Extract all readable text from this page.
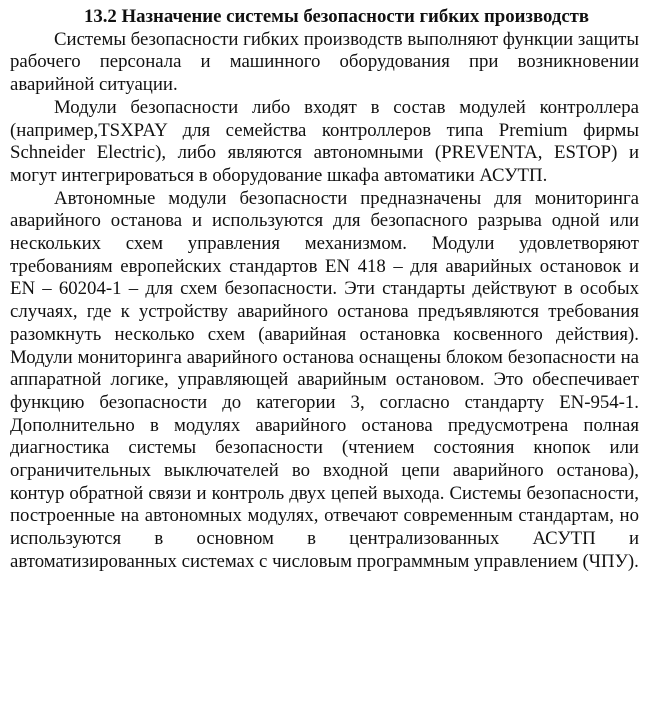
13.2 Назначение системы безопасности гибких производств

Системы безопасности гибких производств выполняют функции защиты рабочего персонала и машинного оборудования при возникновении аварийной ситуации.

Модули безопасности либо входят в состав модулей контроллера (например,TSXPAY для семейства контроллеров типа Premium фирмы Schneider Electric), либо являются автономными (PREVENTA, ESTOP) и могут интегрироваться в оборудование шкафа автоматики АСУТП.

Автономные модули безопасности предназначены для мониторинга аварийного останова и используются для безопасного разрыва одной или нескольких схем управления механизмом. Модули удовлетворяют требованиям европейских стандартов EN 418 – для аварийных остановок и EN – 60204-1 – для схем безопасности. Эти стандарты действуют в особых случаях, где к устройству аварийного останова предъявляются требования разомкнуть несколько схем (аварийная остановка косвенного действия). Модули мониторинга аварийного останова оснащены блоком безопасности на аппаратной логике, управляющей аварийным остановом. Это обеспечивает функцию безопасности до категории 3, согласно стандарту EN-954-1. Дополнительно в модулях аварийного останова предусмотрена полная диагностика системы безопасности (чтением состояния кнопок или ограничительных выключателей во входной цепи аварийного останова), контур обратной связи и контроль двух цепей выхода. Системы безопасности, построенные на автономных модулях, отвечают современным стандартам, но используются в основном в централизованных АСУТП и автоматизированных системах с числовым программным управлением (ЧПУ).
